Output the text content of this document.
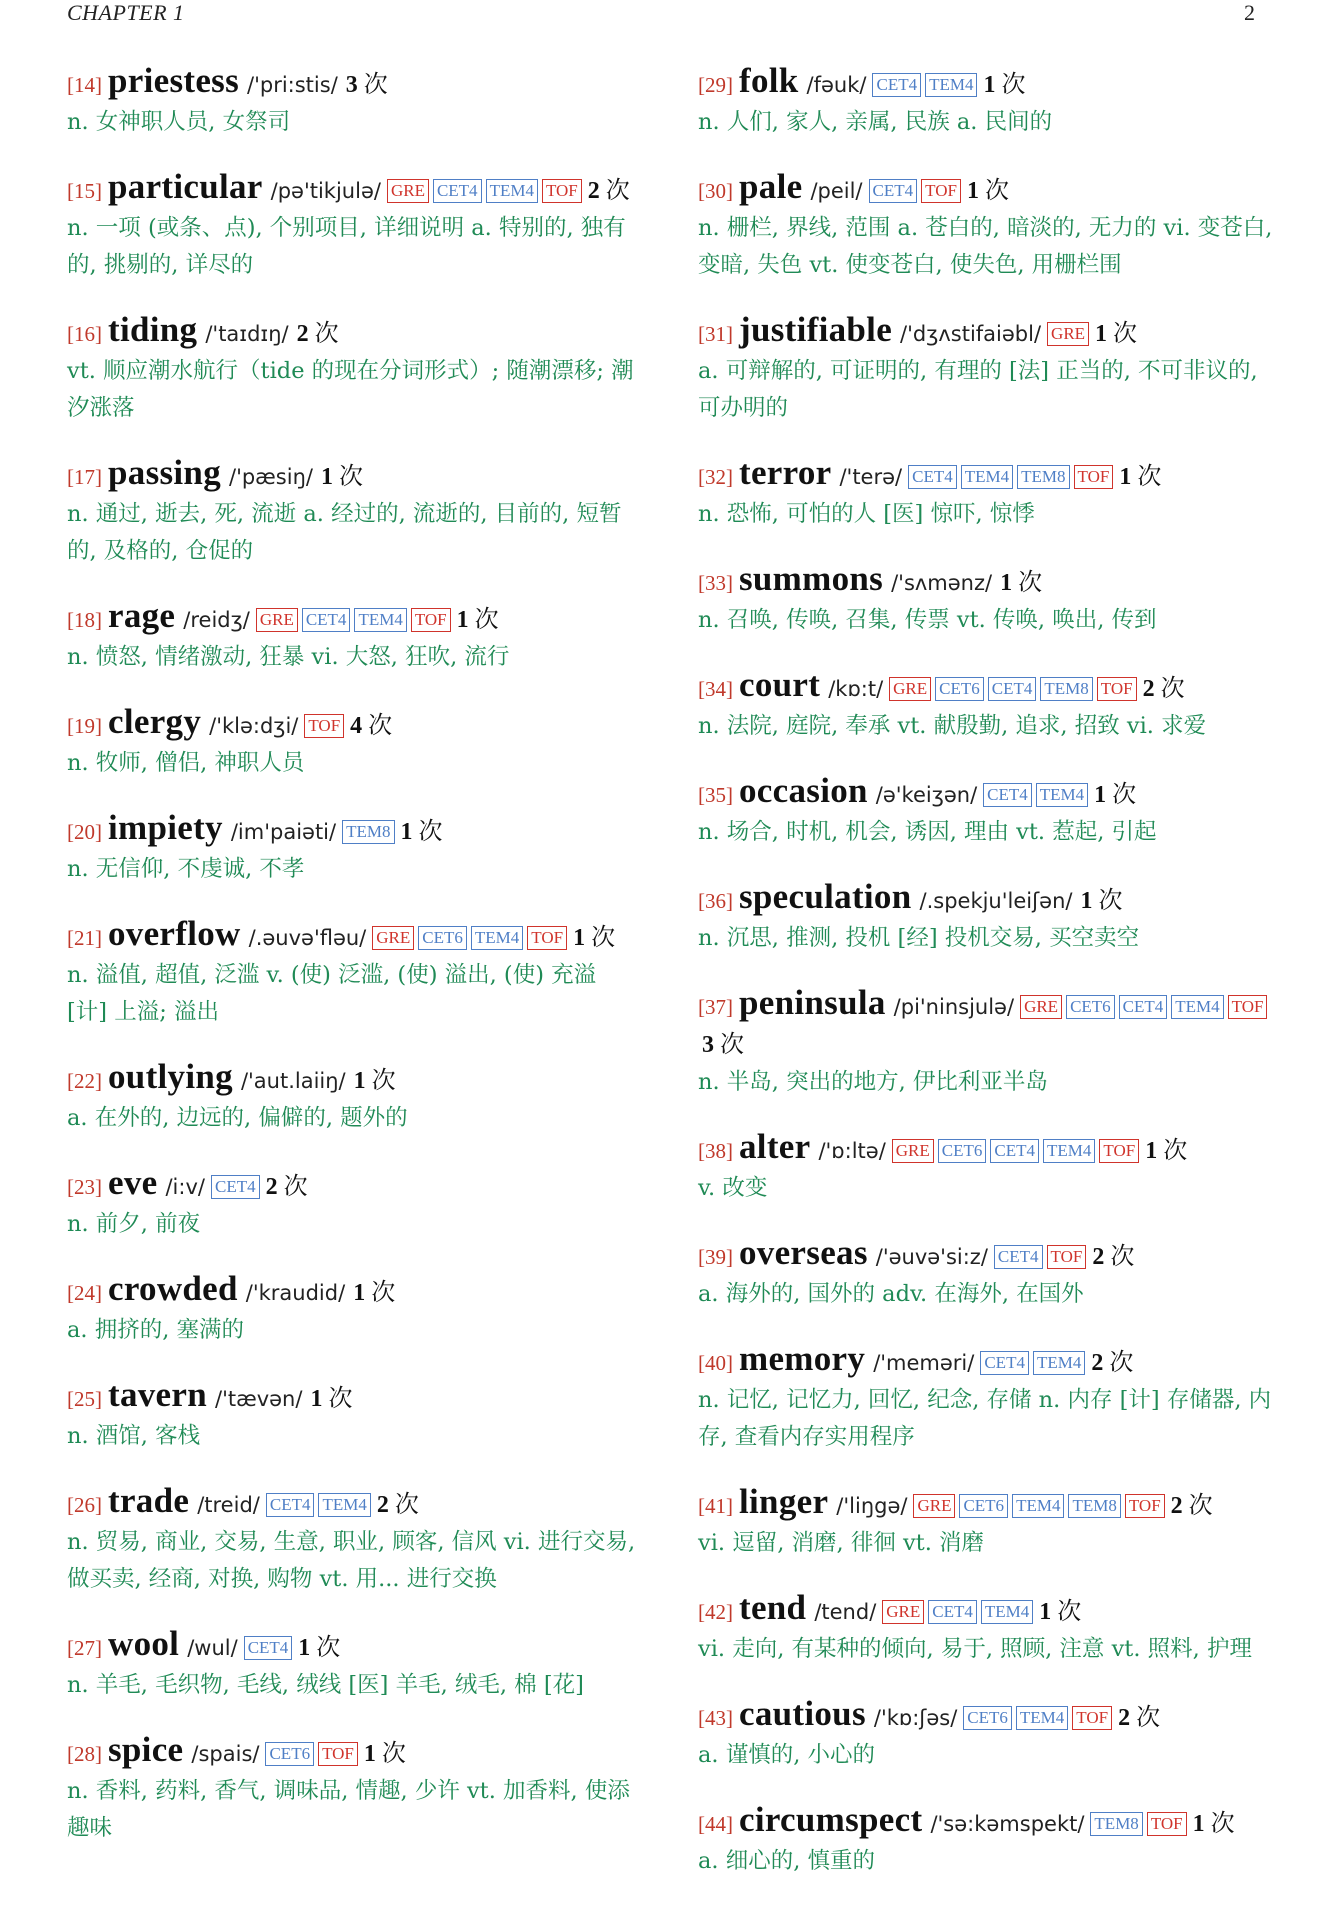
CHAPTER 1	2
[14] priestess /'pri:stis/ 3 次
n. 女神职人员, 女祭司
[15] particular /pə'tikjulə/ GRE CET4 TEM4 TOF 2 次
n. 一项 (或条、点), 个别项目, 详细说明 a. 特别的, 独有的, 挑剔的, 详尽的
[16] tiding /'taɪdɪŋ/ 2 次
vt. 顺应潮水航行（tide 的现在分词形式）; 随潮漂移; 潮汐涨落
[17] passing /'pæsiŋ/ 1 次
n. 通过, 逝去, 死, 流逝 a. 经过的, 流逝的, 目前的, 短暂的, 及格的, 仓促的
[18] rage /reidʒ/ GRE CET4 TEM4 TOF 1 次
n. 愤怒, 情绪激动, 狂暴 vi. 大怒, 狂吹, 流行
[19] clergy /'klə:dʒi/ TOF 4 次
n. 牧师, 僧侣, 神职人员
[20] impiety /im'paiəti/ TEM8 1 次
n. 无信仰, 不虔诚, 不孝
[21] overflow /.əuvə'fləu/ GRE CET6 TEM4 TOF 1 次
n. 溢值, 超值, 泛滥 v. (使) 泛滥, (使) 溢出, (使) 充溢 [计] 上溢; 溢出
[22] outlying /'aut.laiiŋ/ 1 次
a. 在外的, 边远的, 偏僻的, 题外的
[23] eve /i:v/ CET4 2 次
n. 前夕, 前夜
[24] crowded /'kraudid/ 1 次
a. 拥挤的, 塞满的
[25] tavern /'tævən/ 1 次
n. 酒馆, 客栈
[26] trade /treid/ CET4 TEM4 2 次
n. 贸易, 商业, 交易, 生意, 职业, 顾客, 信风 vi. 进行交易, 做买卖, 经商, 对换, 购物 vt. 用... 进行交换
[27] wool /wul/ CET4 1 次
n. 羊毛, 毛织物, 毛线, 绒线 [医] 羊毛, 绒毛, 棉 [花]
[28] spice /spais/ CET6 TOF 1 次
n. 香料, 药料, 香气, 调味品, 情趣, 少许 vt. 加香料, 使添趣味
[29] folk /fəuk/ CET4 TEM4 1 次
n. 人们, 家人, 亲属, 民族 a. 民间的
[30] pale /peil/ CET4 TOF 1 次
n. 栅栏, 界线, 范围 a. 苍白的, 暗淡的, 无力的 vi. 变苍白, 变暗, 失色 vt. 使变苍白, 使失色, 用栅栏围
[31] justifiable /'dʒʌstifaiəbl/ GRE 1 次
a. 可辩解的, 可证明的, 有理的 [法] 正当的, 不可非议的, 可办明的
[32] terror /'terə/ CET4 TEM4 TEM8 TOF 1 次
n. 恐怖, 可怕的人 [医] 惊吓, 惊悸
[33] summons /'sʌmənz/ 1 次
n. 召唤, 传唤, 召集, 传票 vt. 传唤, 唤出, 传到
[34] court /kɒ:t/ GRE CET6 CET4 TEM8 TOF 2 次
n. 法院, 庭院, 奉承 vt. 献殷勤, 追求, 招致 vi. 求爱
[35] occasion /ə'keiʒən/ CET4 TEM4 1 次
n. 场合, 时机, 机会, 诱因, 理由 vt. 惹起, 引起
[36] speculation /.spekju'leiʃən/ 1 次
n. 沉思, 推测, 投机 [经] 投机交易, 买空卖空
[37] peninsula /pi'ninsjulə/ GRE CET6 CET4 TEM4 TOF3 次
n. 半岛, 突出的地方, 伊比利亚半岛
[38] alter /'ɒ:ltə/ GRE CET6 CET4 TEM4 TOF 1 次
v. 改变
[39] overseas /'əuvə'si:z/ CET4 TOF 2 次
a. 海外的, 国外的 adv. 在海外, 在国外
[40] memory /'meməri/ CET4 TEM4 2 次
n. 记忆, 记忆力, 回忆, 纪念, 存储 n. 内存 [计] 存储器, 内存, 查看内存实用程序
[41] linger /'liŋgə/ GRE CET6 TEM4 TEM8 TOF 2 次
vi. 逗留, 消磨, 徘徊 vt. 消磨
[42] tend /tend/ GRE CET4 TEM4 1 次
vi. 走向, 有某种的倾向, 易于, 照顾, 注意 vt. 照料, 护理
[43] cautious /'kɒ:ʃəs/ CET6 TEM4 TOF 2 次
a. 谨慎的, 小心的
[44] circumspect /'sə:kəmspekt/ TEM8 TOF 1 次
a. 细心的, 慎重的
